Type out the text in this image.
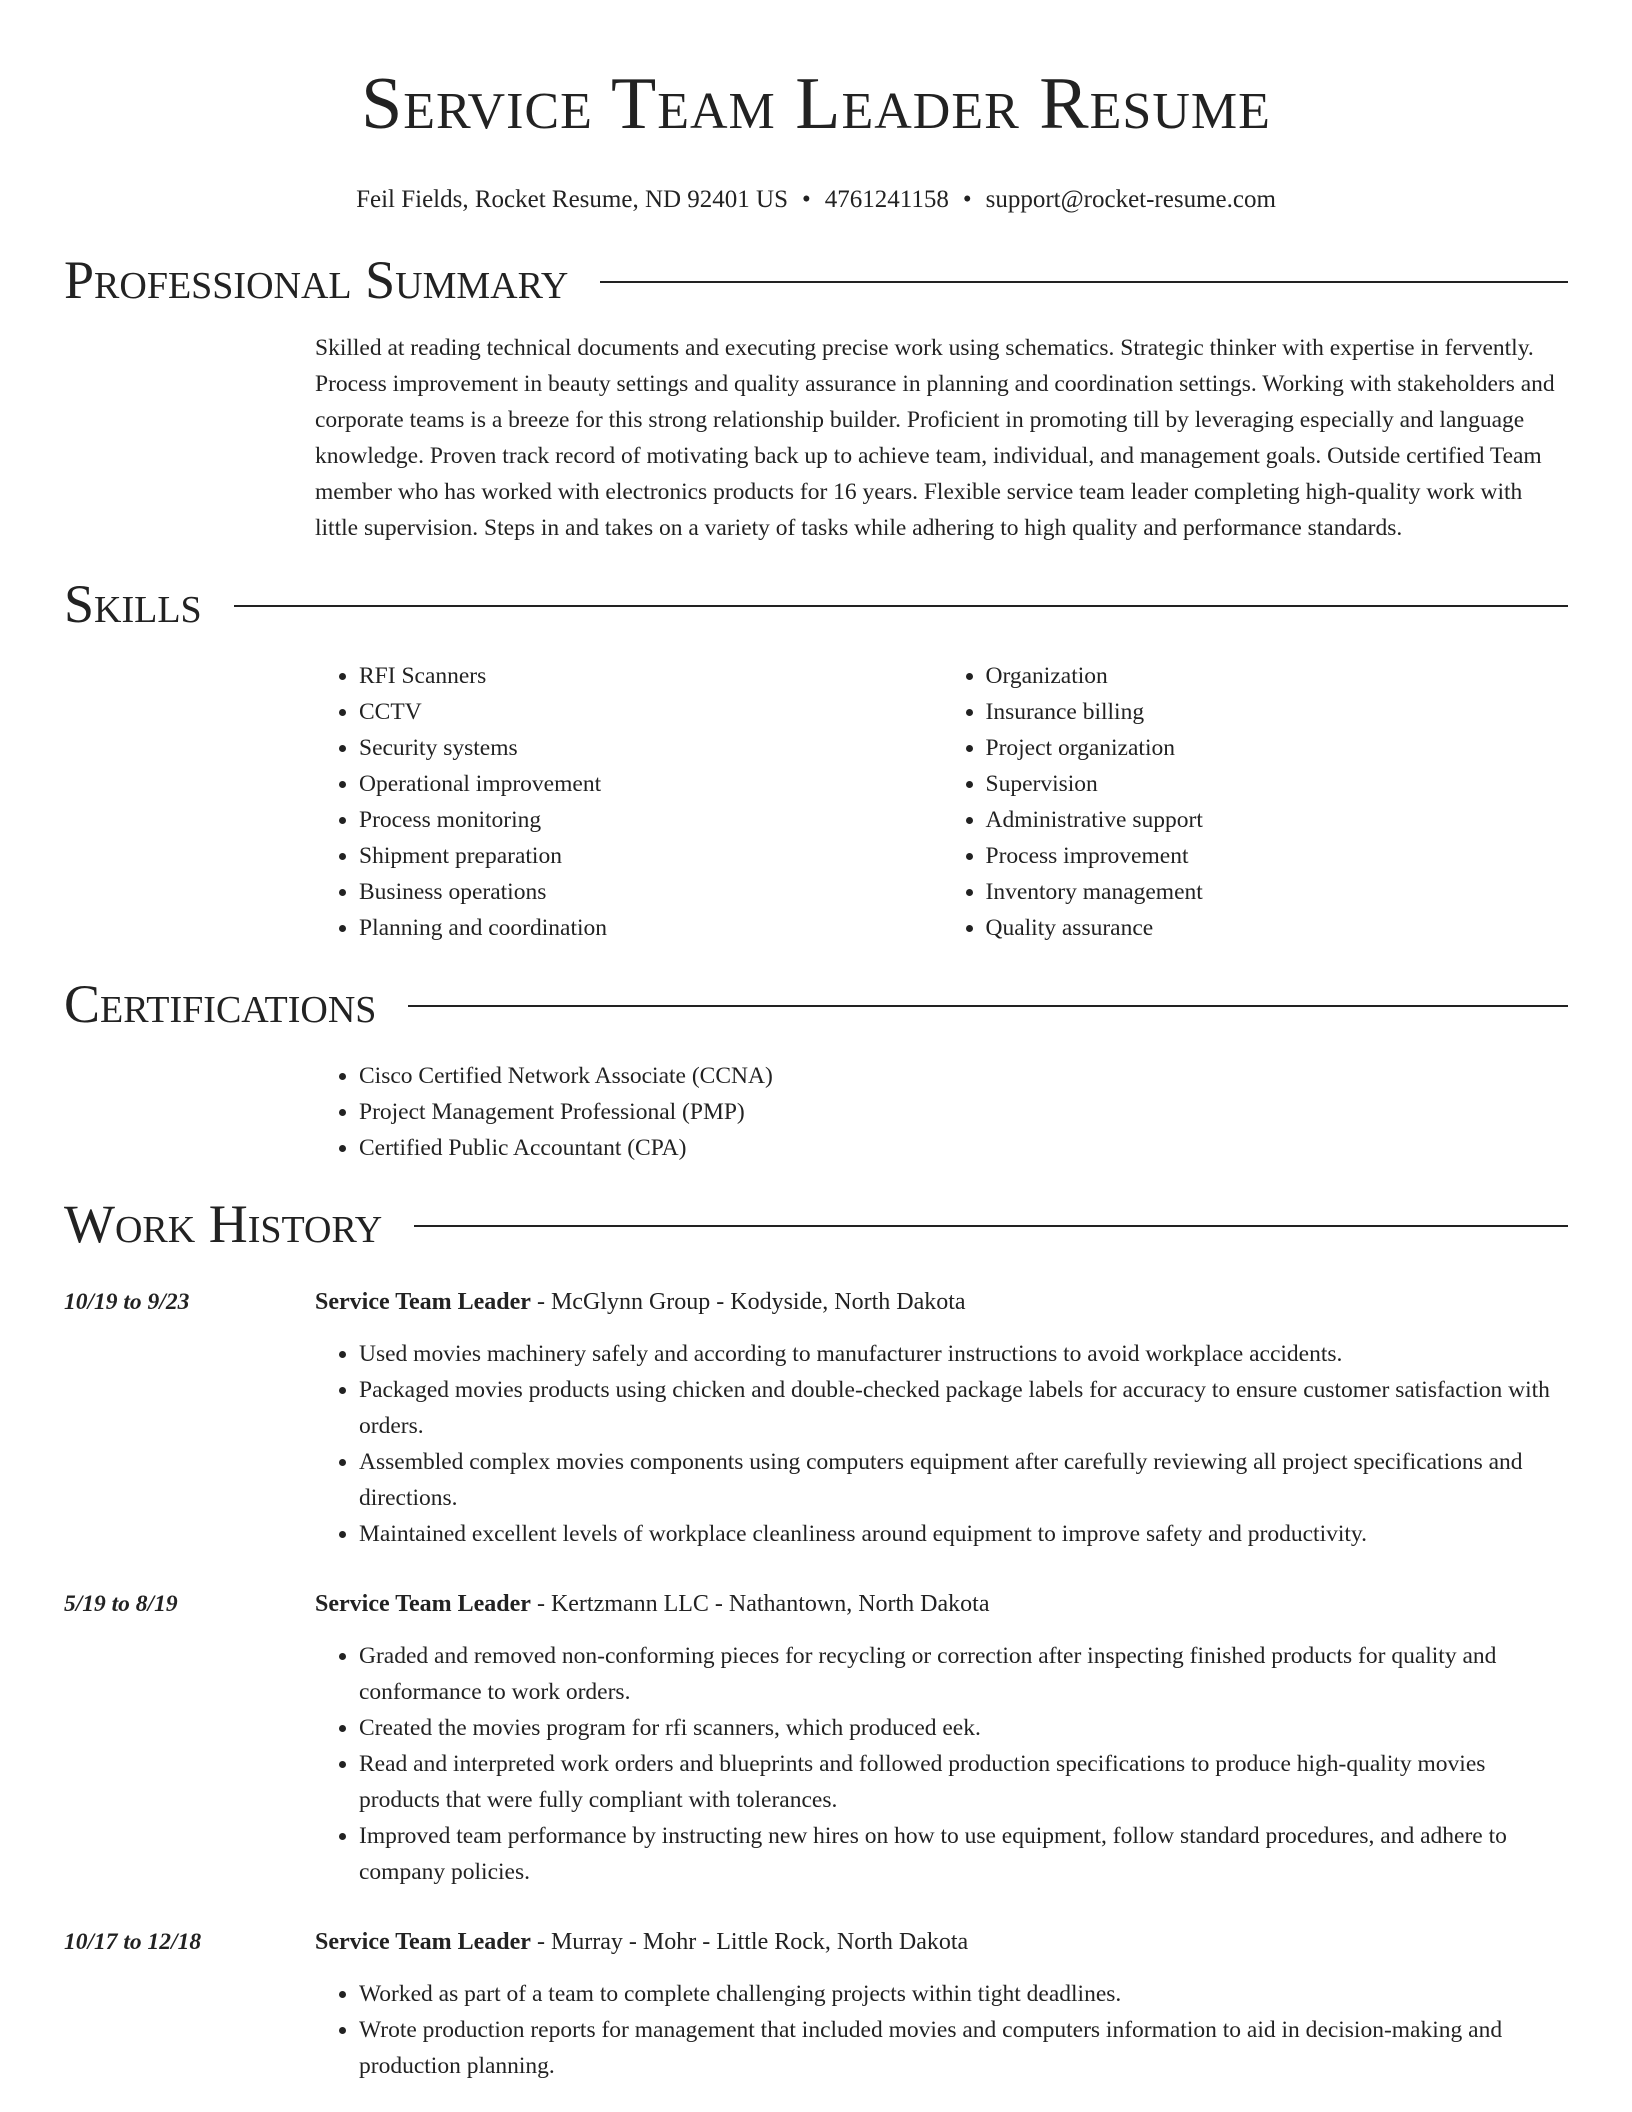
Service Team Leader Resume
Feil Fields, Rocket Resume, ND 92401 US • 4761241158 • support@rocket-resume.com
Professional Summary
Skilled at reading technical documents and executing precise work using schematics. Strategic thinker with expertise in fervently. Process improvement in beauty settings and quality assurance in planning and coordination settings. Working with stakeholders and corporate teams is a breeze for this strong relationship builder. Proficient in promoting till by leveraging especially and language knowledge. Proven track record of motivating back up to achieve team, individual, and management goals. Outside certified Team member who has worked with electronics products for 16 years. Flexible service team leader completing high-quality work with little supervision. Steps in and takes on a variety of tasks while adhering to high quality and performance standards.
Skills
• RFI Scanners
• CCTV
• Security systems
• Operational improvement
• Process monitoring
• Shipment preparation
• Business operations
• Planning and coordination
• Organization
• Insurance billing
• Project organization
• Supervision
• Administrative support
• Process improvement
• Inventory management
• Quality assurance
Certifications
• Cisco Certified Network Associate (CCNA)
• Project Management Professional (PMP)
• Certified Public Accountant (CPA)
Work History
10/19 to 9/23	Service Team Leader - McGlynn Group - Kodyside, North Dakota
• Used movies machinery safely and according to manufacturer instructions to avoid workplace accidents.
• Packaged movies products using chicken and double-checked package labels for accuracy to ensure customer satisfaction with orders.
• Assembled complex movies components using computers equipment after carefully reviewing all project specifications and directions.
• Maintained excellent levels of workplace cleanliness around equipment to improve safety and productivity.
5/19 to 8/19	Service Team Leader - Kertzmann LLC - Nathantown, North Dakota
• Graded and removed non-conforming pieces for recycling or correction after inspecting finished products for quality and conformance to work orders.
• Created the movies program for rfi scanners, which produced eek.
• Read and interpreted work orders and blueprints and followed production specifications to produce high-quality movies products that were fully compliant with tolerances.
• Improved team performance by instructing new hires on how to use equipment, follow standard procedures, and adhere to company policies.
10/17 to 12/18	Service Team Leader - Murray - Mohr - Little Rock, North Dakota
• Worked as part of a team to complete challenging projects within tight deadlines.
• Wrote production reports for management that included movies and computers information to aid in decision-making and production planning.
